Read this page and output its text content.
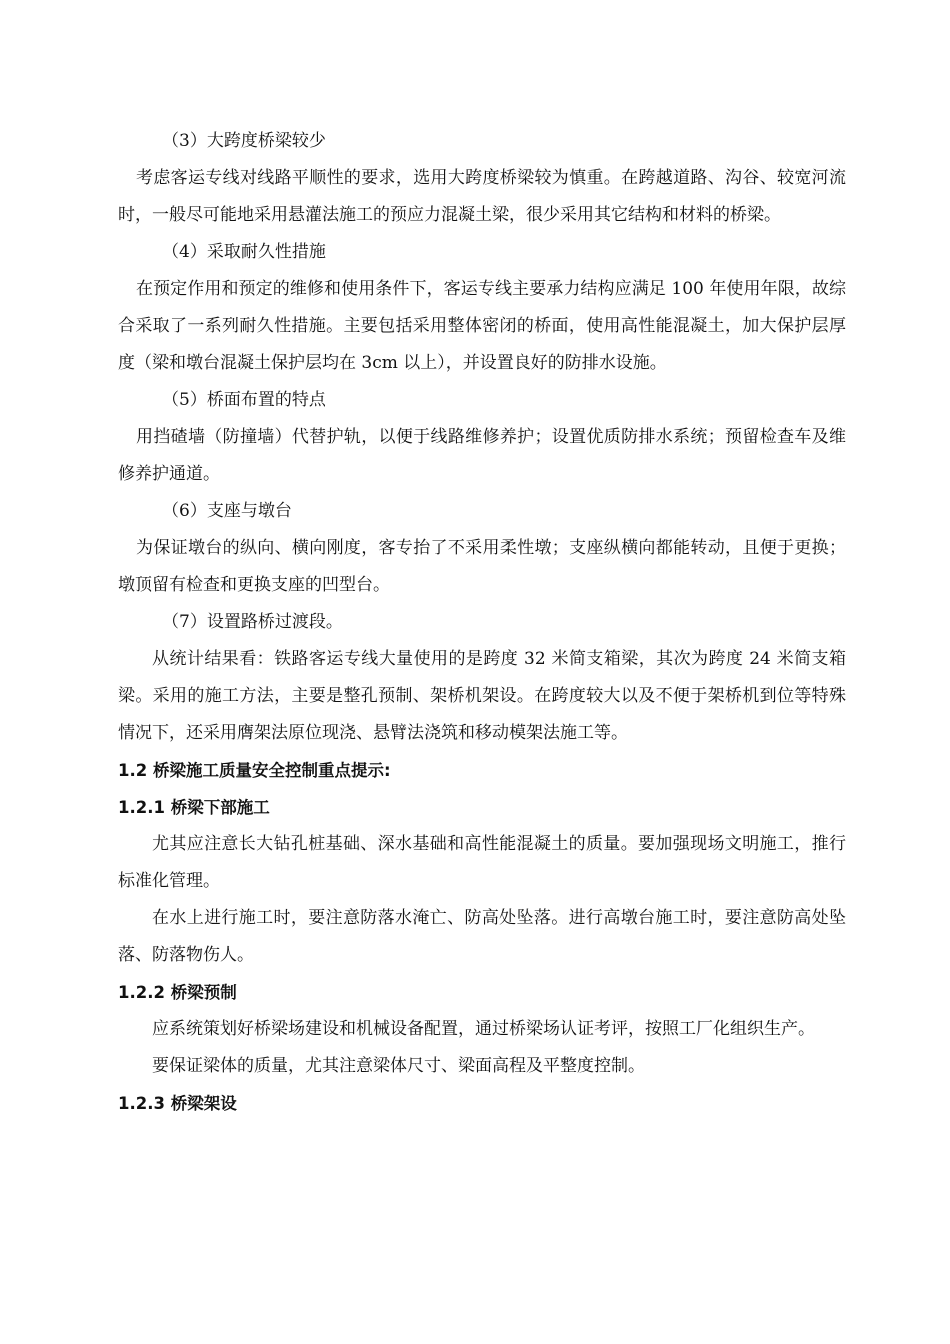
（3）大跨度桥梁较少

考虑客运专线对线路平顺性的要求，选用大跨度桥梁较为慎重。在跨越道路、沟谷、较宽河流时，一般尽可能地采用悬灌法施工的预应力混凝土梁，很少采用其它结构和材料的桥梁。

（4）采取耐久性措施

在预定作用和预定的维修和使用条件下，客运专线主要承力结构应满足 100 年使用年限，故综合采取了一系列耐久性措施。主要包括采用整体密闭的桥面，使用高性能混凝土，加大保护层厚度（梁和墩台混凝土保护层均在 3cm 以上），并设置良好的防排水设施。

（5）桥面布置的特点

用挡碴墙（防撞墙）代替护轨，以便于线路维修养护；设置优质防排水系统；预留检查车及维修养护通道。

（6）支座与墩台

为保证墩台的纵向、横向刚度，客专抬了不采用柔性墩；支座纵横向都能转动，且便于更换；墩顶留有检查和更换支座的凹型台。

（7）设置路桥过渡段。

从统计结果看：铁路客运专线大量使用的是跨度 32 米简支箱梁，其次为跨度 24 米简支箱梁。采用的施工方法，主要是整孔预制、架桥机架设。在跨度较大以及不便于架桥机到位等特殊情况下，还采用膺架法原位现浇、悬臂法浇筑和移动模架法施工等。

1.2 桥梁施工质量安全控制重点提示:

1.2.1 桥梁下部施工

尤其应注意长大钻孔桩基础、深水基础和高性能混凝土的质量。要加强现场文明施工，推行标准化管理。

在水上进行施工时，要注意防落水淹亡、防高处坠落。进行高墩台施工时，要注意防高处坠落、防落物伤人。

1.2.2 桥梁预制

应系统策划好桥梁场建设和机械设备配置，通过桥梁场认证考评，按照工厂化组织生产。

要保证梁体的质量，尤其注意梁体尺寸、梁面高程及平整度控制。

1.2.3 桥梁架设
